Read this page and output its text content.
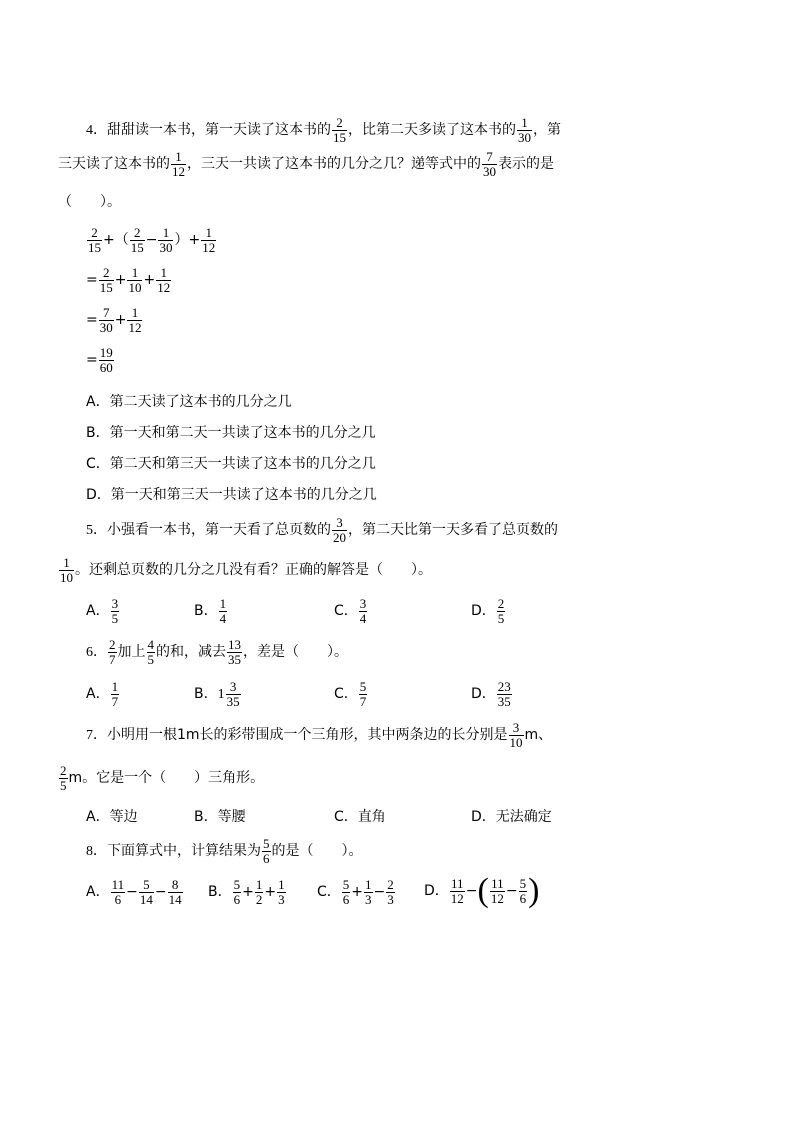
4．甜甜读一本书，第一天读了这本书的 $\frac{2}{15}$ ，比第二天多读了这本书的 $\frac{1}{30}$ ，第
三天读了这本书的 $\frac{1}{12}$ ，三天一共读了这本书的几分之几？递等式中的 $\frac{7}{30}$ 表示的是
（　　）。
$\frac{2}{15}$ +（ $\frac{2}{15} - \frac{1}{30}$ ）+ $\frac{1}{12}$
= $\frac{2}{15} + \frac{1}{10} + \frac{1}{12}$
= $\frac{7}{30} + \frac{1}{12}$
= $\frac{19}{60}$
A．第二天读了这本书的几分之几
B．第一天和第二天一共读了这本书的几分之几
C．第二天和第三天一共读了这本书的几分之几
D．第一天和第三天一共读了这本书的几分之几
5．小强看一本书，第一天看了总页数的 $\frac{3}{20}$ ，第二天比第一天多看了总页数的
$\frac{1}{10}$ 。还剩总页数的几分之几没有看？正确的解答是（　　）。
A． $\frac{3}{5}$	B． $\frac{1}{4}$	C． $\frac{3}{4}$	D． $\frac{2}{5}$
6． $\frac{2}{7}$ 加上 $\frac{4}{5}$ 的和，减去 $\frac{13}{35}$ ，差是（　　）。
A． $\frac{1}{7}$	B．$1 \frac{3}{35}$	C． $\frac{5}{7}$	D． $\frac{23}{35}$
7．小明用一根1m长的彩带围成一个三角形，其中两条边的长分别是 $\frac{3}{10}$ m、
$\frac{2}{5}$ m。它是一个（　　）三角形。
A．等边	B．等腰	C．直角	D．无法确定
8．下面算式中，计算结果为 $\frac{5}{6}$ 的是（　　）。
A． $\frac{11}{6} - \frac{5}{14} - \frac{8}{14}$ B． $\frac{5}{6} + \frac{1}{2} + \frac{1}{3}$ C． $\frac{5}{6} + \frac{1}{3} - \frac{2}{3}$ D． $\frac{11}{12}$ −( $\frac{11}{12} - \frac{5}{6}$ )
